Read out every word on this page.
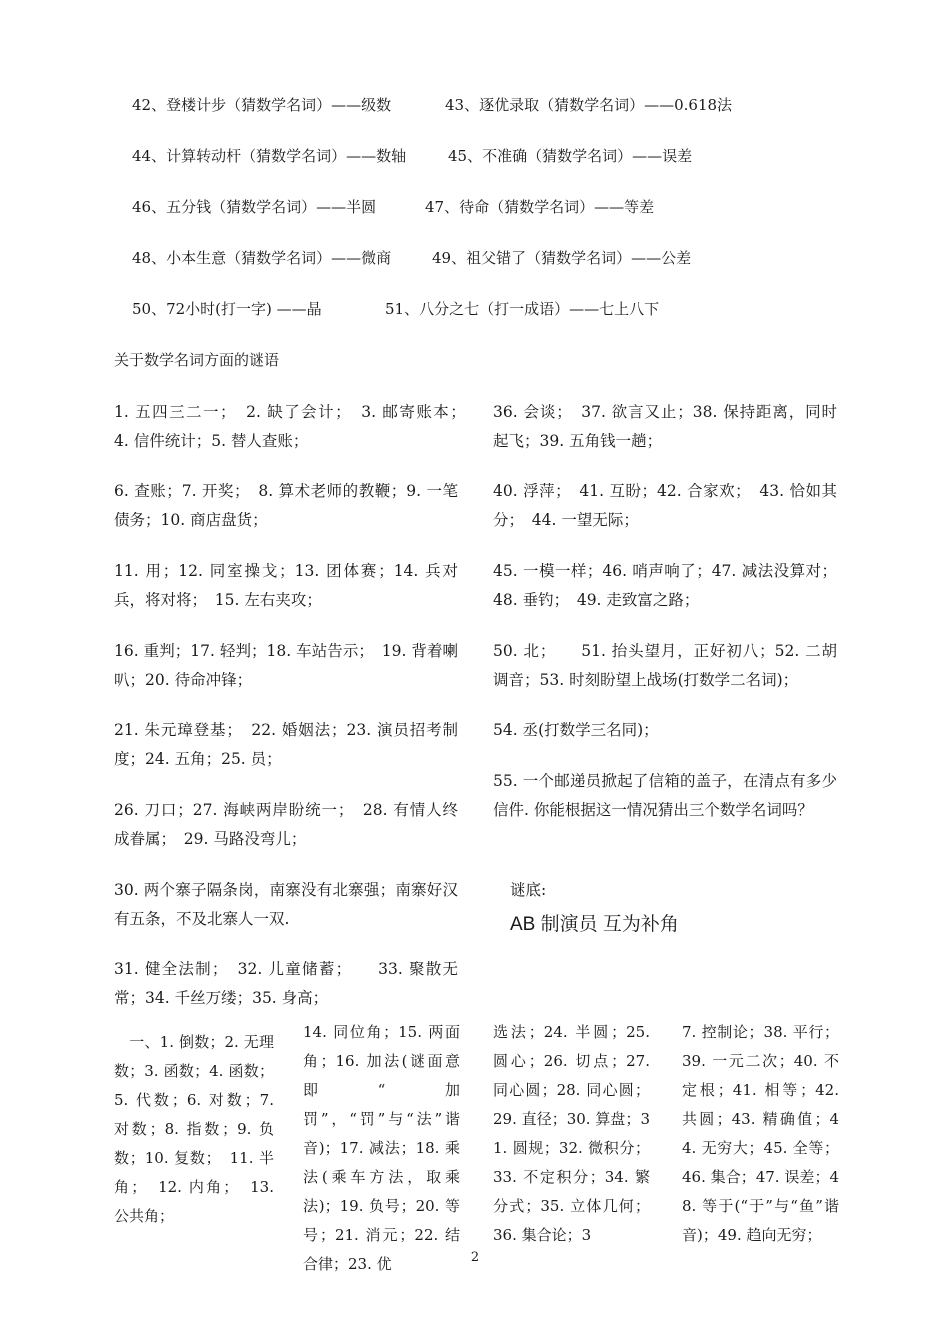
42、登楼计步（猜数学名词）——级数	43、逐优录取（猜数学名词）——0.618法
44、计算转动杆（猜数学名词）——数轴	45、不准确（猜数学名词）——误差
46、五分钱（猜数学名词）——半圆	47、待命（猜数学名词）——等差
48、小本生意（猜数学名词）——微商	49、祖父错了（猜数学名词）——公差
50、72小时(打一字) ——晶	51、八分之七（打一成语）——七上八下
关于数学名词方面的谜语
1. 五四三二一；　2. 缺了会计；　3. 邮寄账本；　4. 信件统计；5. 替人查账；
6. 查账；7. 开奖；　8. 算术老师的教鞭；9. 一笔债务；10. 商店盘货；
11. 用；12. 同室操戈；13. 团体赛；14. 兵对兵，将对将；　15. 左右夹攻；
16. 重判；17. 轻判；18. 车站告示；　19. 背着喇叭；20. 待命冲锋；
21. 朱元璋登基；　22. 婚姻法；23. 演员招考制度；24. 五角；25. 员；
26. 刀口；27. 海峡两岸盼统一；　28. 有情人终成眷属；　29. 马路没弯儿；
30. 两个寨子隔条岗，南寨没有北寨强；南寨好汉有五条，不及北寨人一双.
31. 健全法制；　32. 儿童储蓄；　　33. 聚散无常；34. 千丝万缕；35. 身高；
36. 会谈；　37. 欲言又止；38. 保持距离，同时起飞；39. 五角钱一趟；
40. 浮萍；　41. 互盼；42. 合家欢；　43. 恰如其分；　44. 一望无际；
45. 一模一样；46. 哨声响了；47. 减法没算对；48. 垂钓；　49. 走致富之路；
50. 北；　　51. 抬头望月，正好初八；52. 二胡调音；53. 时刻盼望上战场(打数学二名词)；
54. 丞(打数学三名同)；
55. 一个邮递员掀起了信箱的盖子，在清点有多少信件. 你能根据这一情况猜出三个数学名词吗？
谜底:
AB 制演员 互为补角
　一、1. 倒数；2. 无理数；3. 函数；4. 函数；5. 代数；6. 对数；7. 对数；8. 指数；9. 负数；10. 复数；　11. 半角；　12. 内角；　13. 公共角；
14. 同位角；15. 两面角；16. 加法(谜面意即“加罚”，“罚”与“法”谐音)；17. 减法；18. 乘法(乘车方法，取乘法)；19. 负号；20. 等号；21. 消元；22. 结合律；23. 优
选法；24. 半圆；25. 圆心；26. 切点；27. 同心圆；28. 同心圆；29. 直径；30. 算盘；31. 圆规；32. 微积分；33. 不定积分；34. 繁分式；35. 立体几何；36. 集合论；3
7. 控制论；38. 平行；39. 一元二次；40. 不定根；41. 相等；42. 共圆；43. 精确值；44. 无穷大；45. 全等；46. 集合；47. 误差；48. 等于(“于”与“鱼”谐音)；49. 趋向无穷；
2
